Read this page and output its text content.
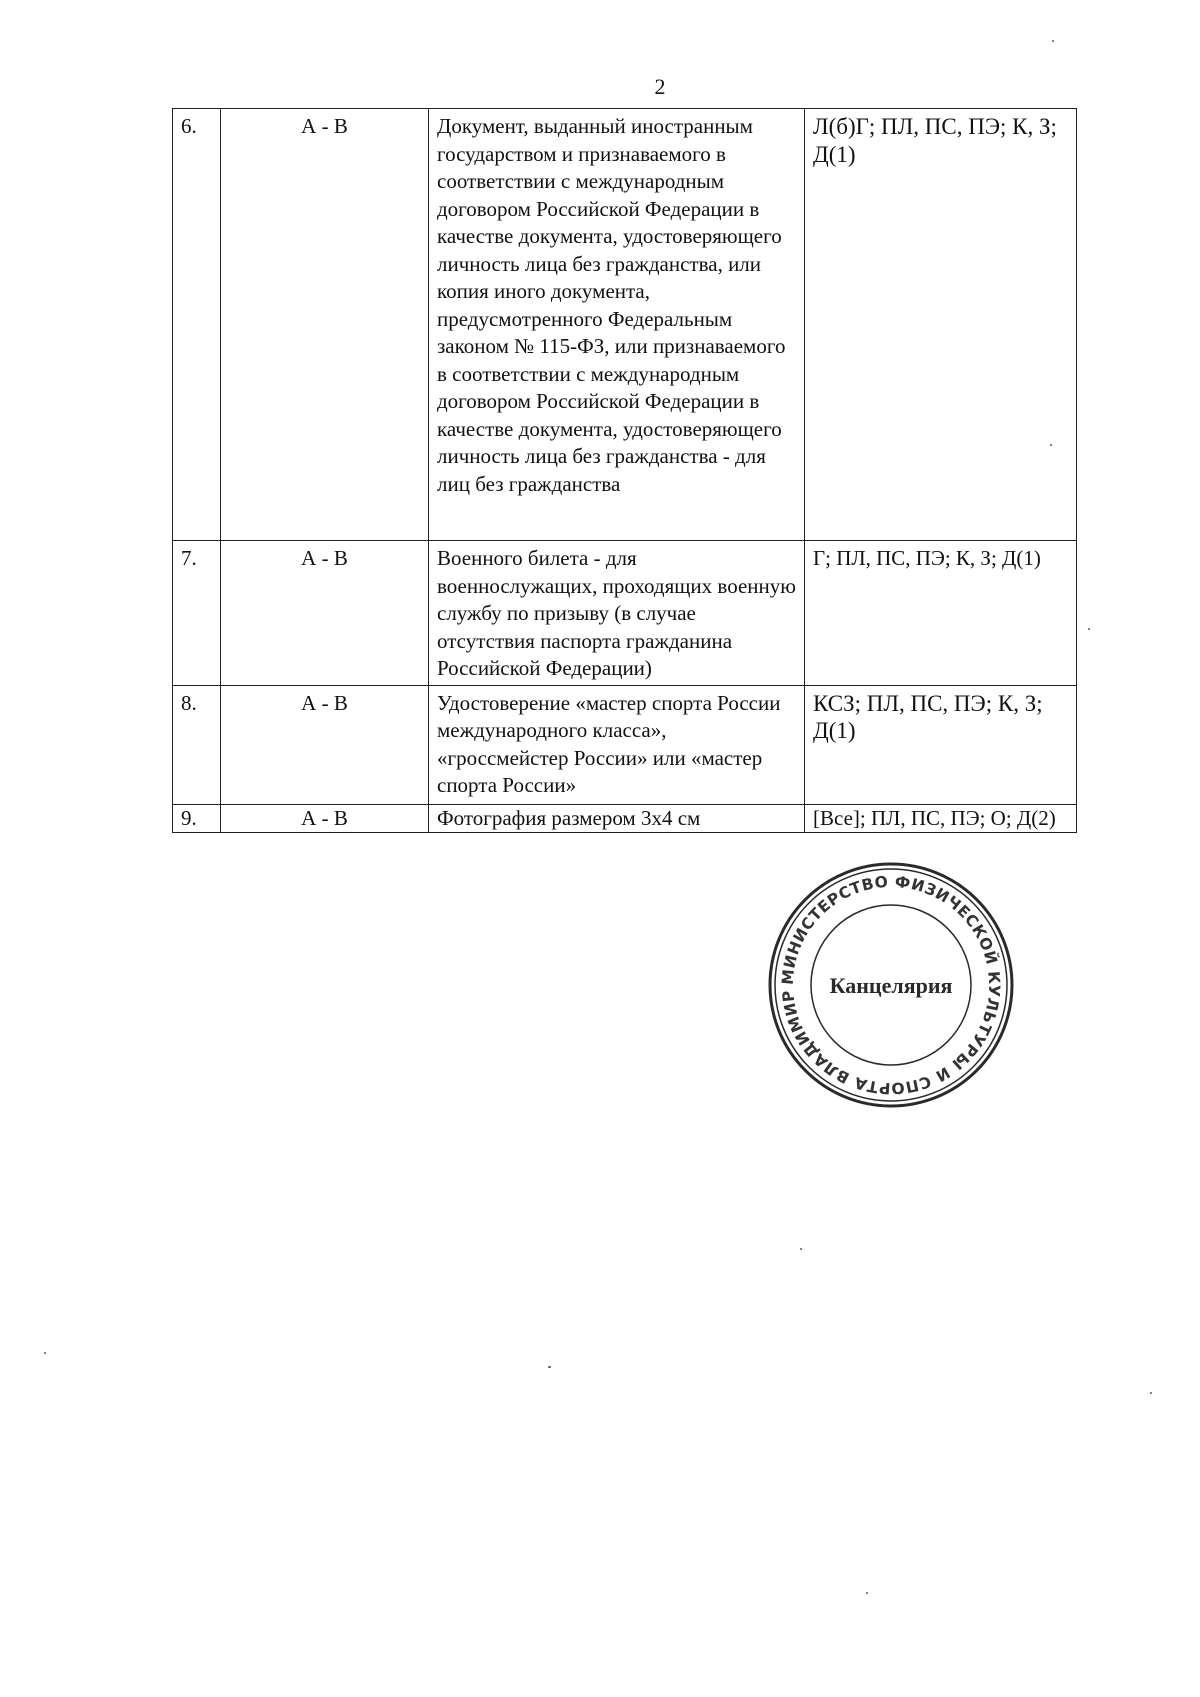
2
6.	А - В	Документ, выданный иностранным государством и признаваемого в соответствии с международным договором Российской Федерации в качестве документа, удостоверяющего личность лица без гражданства, или копия иного документа, предусмотренного Федеральным законом № 115-ФЗ, или признаваемого в соответствии с международным договором Российской Федерации в качестве документа, удостоверяющего личность лица без гражданства - для лиц без гражданства	Л(б)Г; ПЛ, ПС, ПЭ; К, З; Д(1)
7.	А - В	Военного билета - для военнослужащих, проходящих военную службу по призыву (в случае отсутствия паспорта гражданина Российской Федерации)	Г; ПЛ, ПС, ПЭ; К, З; Д(1)
8.	А - В	Удостоверение «мастер спорта России международного класса», «гроссмейстер России» или «мастер спорта России»	КСЗ; ПЛ, ПС, ПЭ; К, З; Д(1)
9.	А - В	Фотография размером 3х4 см	[Все]; ПЛ, ПС, ПЭ; О; Д(2)
МИНИСТЕРСТВО ФИЗИЧЕСКОЙ КУЛЬТУРЫ И СПОРТА ВЛАДИМИР	Канцелярия
